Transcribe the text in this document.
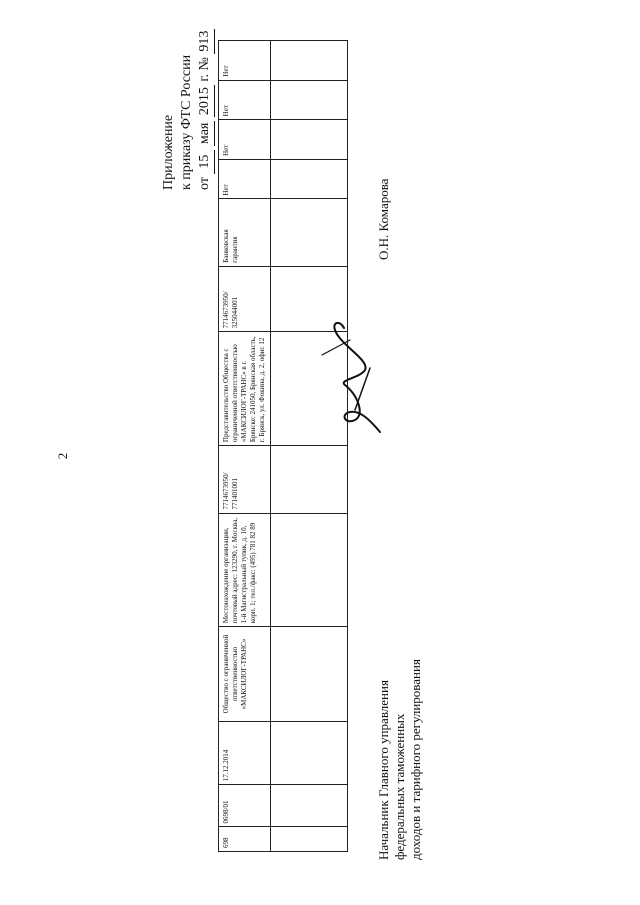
2
Приложение к приказу ФТС России от 15 мая 2015 г. № 913
698	0698/01	17.12.2014	Общество с ограниченной ответственностью «МАКСИЛОГ-ТРАНС»	Местонахождение организации, почтовый адрес: 123290, г. Москва, 1-й Магистральный тупик, д. 10, корп. 1; тел./факс: (495) 781 82 89	7714673950/ 771401001	Представительство Общества с ограниченной ответственностью «МАКСИЛОГ-ТРАНС» в г. Брянске: 241050, Брянская область, г. Брянск, ул. Фокина, д. 2, офис 12	7714673950/ 325044001	Банковская гарантия	Нет	Нет	Нет	Нет

Начальник Главного управления федеральных таможенных доходов и тарифного регулирования
О.Н. Комарова
